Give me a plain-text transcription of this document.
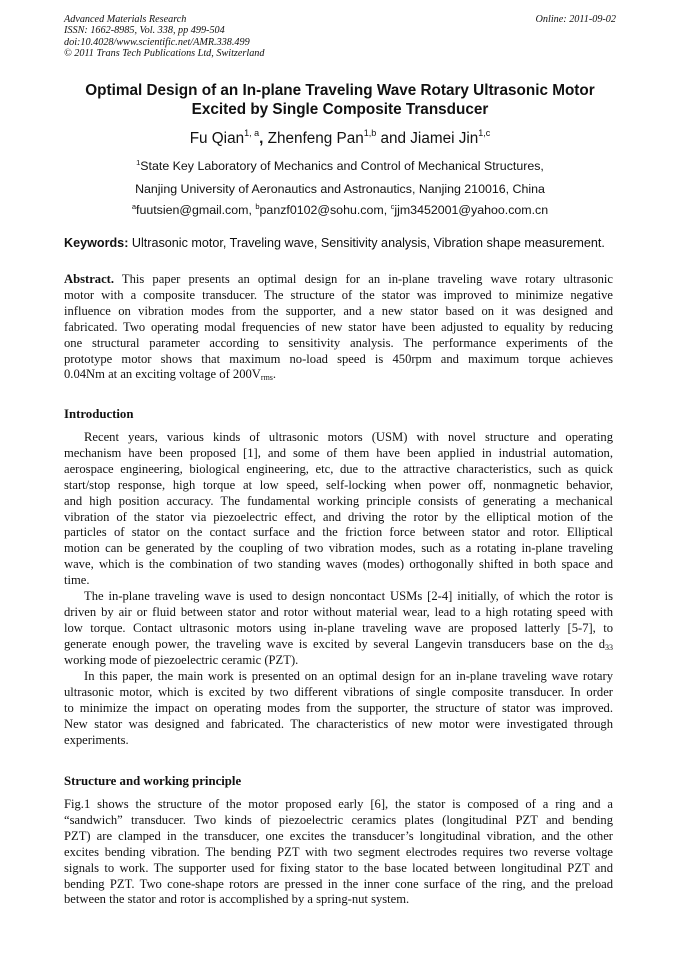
Advanced Materials Research
ISSN: 1662-8985, Vol. 338, pp 499-504
doi:10.4028/www.scientific.net/AMR.338.499
© 2011 Trans Tech Publications Ltd, Switzerland
Online: 2011-09-02
Optimal Design of an In-plane Traveling Wave Rotary Ultrasonic Motor
Excited by Single Composite Transducer
Fu Qian$^{1, a}$, Zhenfeng Pan$^{1,b}$ and Jiamei Jin$^{1,c}$
$^1$State Key Laboratory of Mechanics and Control of Mechanical Structures,
Nanjing University of Aeronautics and Astronautics, Nanjing 210016, China
$^a$fuutsien@gmail.com, $^b$panzf0102@sohu.com, $^c$jjm3452001@yahoo.com.cn
Keywords: Ultrasonic motor, Traveling wave, Sensitivity analysis, Vibration shape measurement.
Abstract. This paper presents an optimal design for an in-plane traveling wave rotary ultrasonic
motor with a composite transducer. The structure of the stator was improved to minimize negative
influence on vibration modes from the supporter, and a new stator based on it was designed and
fabricated. Two operating modal frequencies of new stator have been adjusted to equality by reducing
one structural parameter according to sensitivity analysis. The performance experiments of the
prototype motor shows that maximum no-load speed is 450rpm and maximum torque achieves
0.04Nm at an exciting voltage of $200V_{rms}$.
Introduction
Recent years, various kinds of ultrasonic motors (USM) with novel structure and operating
mechanism have been proposed [1], and some of them have been applied in industrial automation,
aerospace engineering, biological engineering, etc, due to the attractive characteristics, such as quick
start/stop response, high torque at low speed, self-locking when power off, nonmagnetic behavior,
and high position accuracy. The fundamental working principle consists of generating a mechanical
vibration of the stator via piezoelectric effect, and driving the rotor by the elliptical motion of the
particles of stator on the contact surface and the friction force between stator and rotor. Elliptical
motion can be generated by the coupling of two vibration modes, such as a rotating in-plane traveling
wave, which is the combination of two standing waves (modes) orthogonally shifted in both space and
time.
The in-plane traveling wave is used to design noncontact USMs [2-4] initially, of which the rotor is
driven by air or fluid between stator and rotor without material wear, lead to a high rotating speed with
low torque. Contact ultrasonic motors using in-plane traveling wave are proposed latterly [5-7], to
generate enough power, the traveling wave is excited by several Langevin transducers base on the $d_{33}$
working mode of piezoelectric ceramic (PZT).
In this paper, the main work is presented on an optimal design for an in-plane traveling wave rotary
ultrasonic motor, which is excited by two different vibrations of single composite transducer. In order
to minimize the impact on operating modes from the supporter, the structure of stator was improved.
New stator was designed and fabricated. The characteristics of new motor were investigated through
experiments.
Structure and working principle
Fig.1 shows the structure of the motor proposed early [6], the stator is composed of a ring and a
“sandwich” transducer. Two kinds of piezoelectric ceramics plates (longitudinal PZT and bending
PZT) are clamped in the transducer, one excites the transducer’s longitudinal vibration, and the other
excites bending vibration. The bending PZT with two segment electrodes requires two reverse voltage
signals to work. The supporter used for fixing stator to the base located between longitudinal PZT and
bending PZT. Two cone-shape rotors are pressed in the inner cone surface of the ring, and the preload
between the stator and rotor is accomplished by a spring-nut system.
